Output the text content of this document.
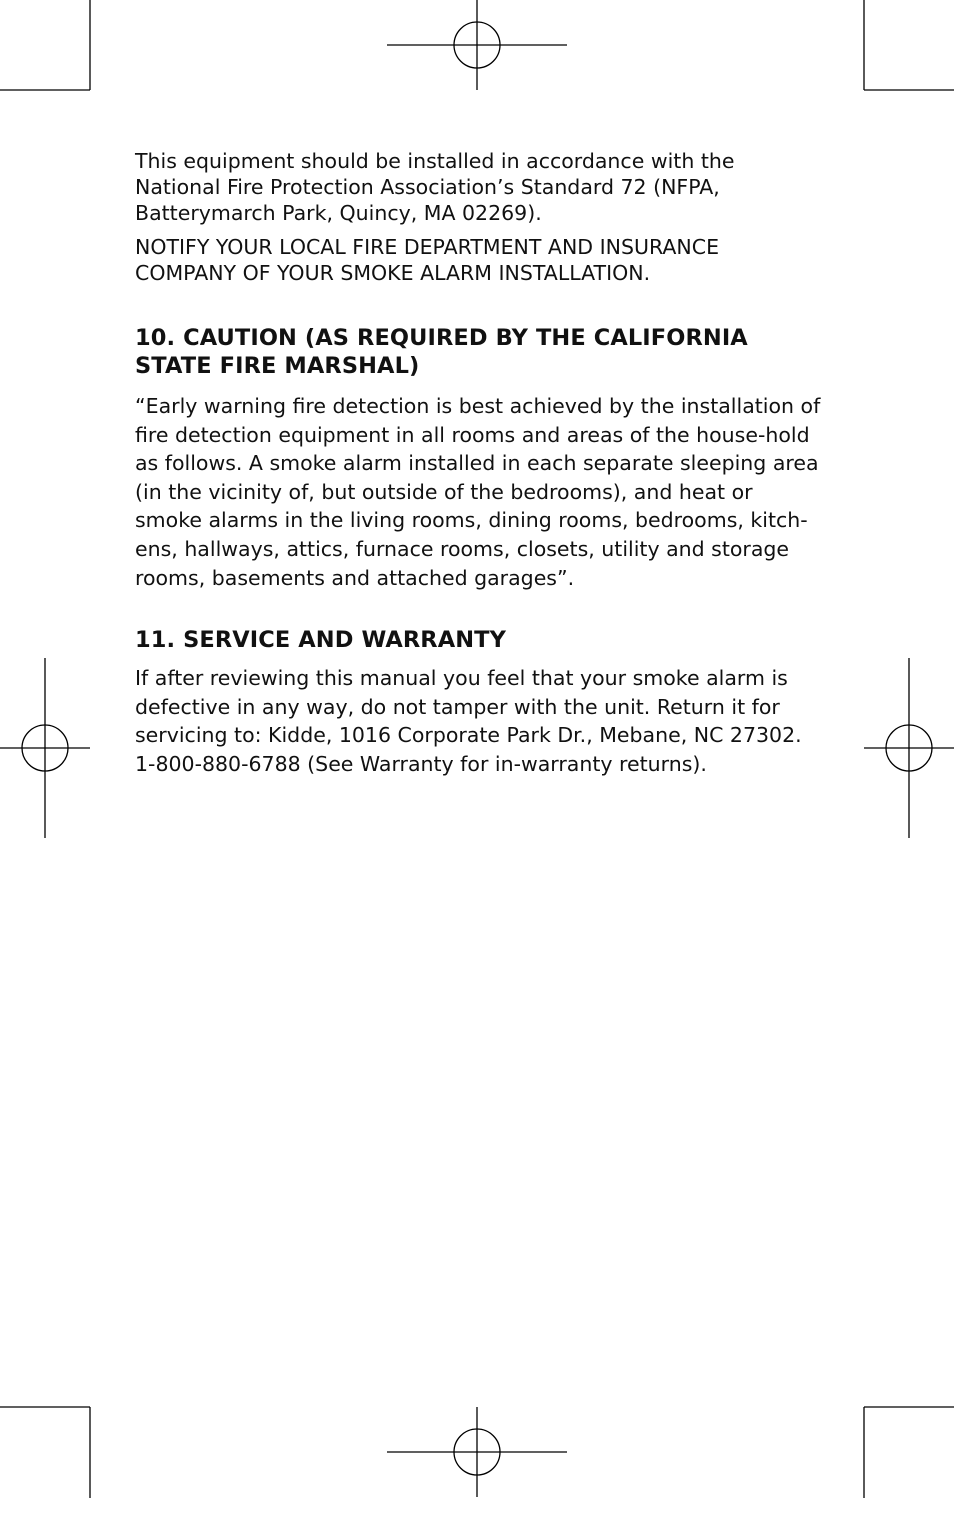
This equipment should be installed in accordance with the National Fire Protection Association’s Standard 72 (NFPA, Batterymarch Park, Quincy, MA 02269).

NOTIFY YOUR LOCAL FIRE DEPARTMENT AND INSURANCE COMPANY OF YOUR SMOKE ALARM INSTALLATION.

10. CAUTION (AS REQUIRED BY THE CALIFORNIA STATE FIRE MARSHAL)

“Early warning fire detection is best achieved by the installation of fire detection equipment in all rooms and areas of the house-hold as follows. A smoke alarm installed in each separate sleeping area (in the vicinity of, but outside of the bedrooms), and heat or smoke alarms in the living rooms, dining rooms, bedrooms, kitch-ens, hallways, attics, furnace rooms, closets, utility and storage rooms, basements and attached garages”.

11. SERVICE AND WARRANTY

If after reviewing this manual you feel that your smoke alarm is defective in any way, do not tamper with the unit. Return it for servicing to: Kidde, 1016 Corporate Park Dr., Mebane, NC 27302. 1-800-880-6788 (See Warranty for in-warranty returns).
